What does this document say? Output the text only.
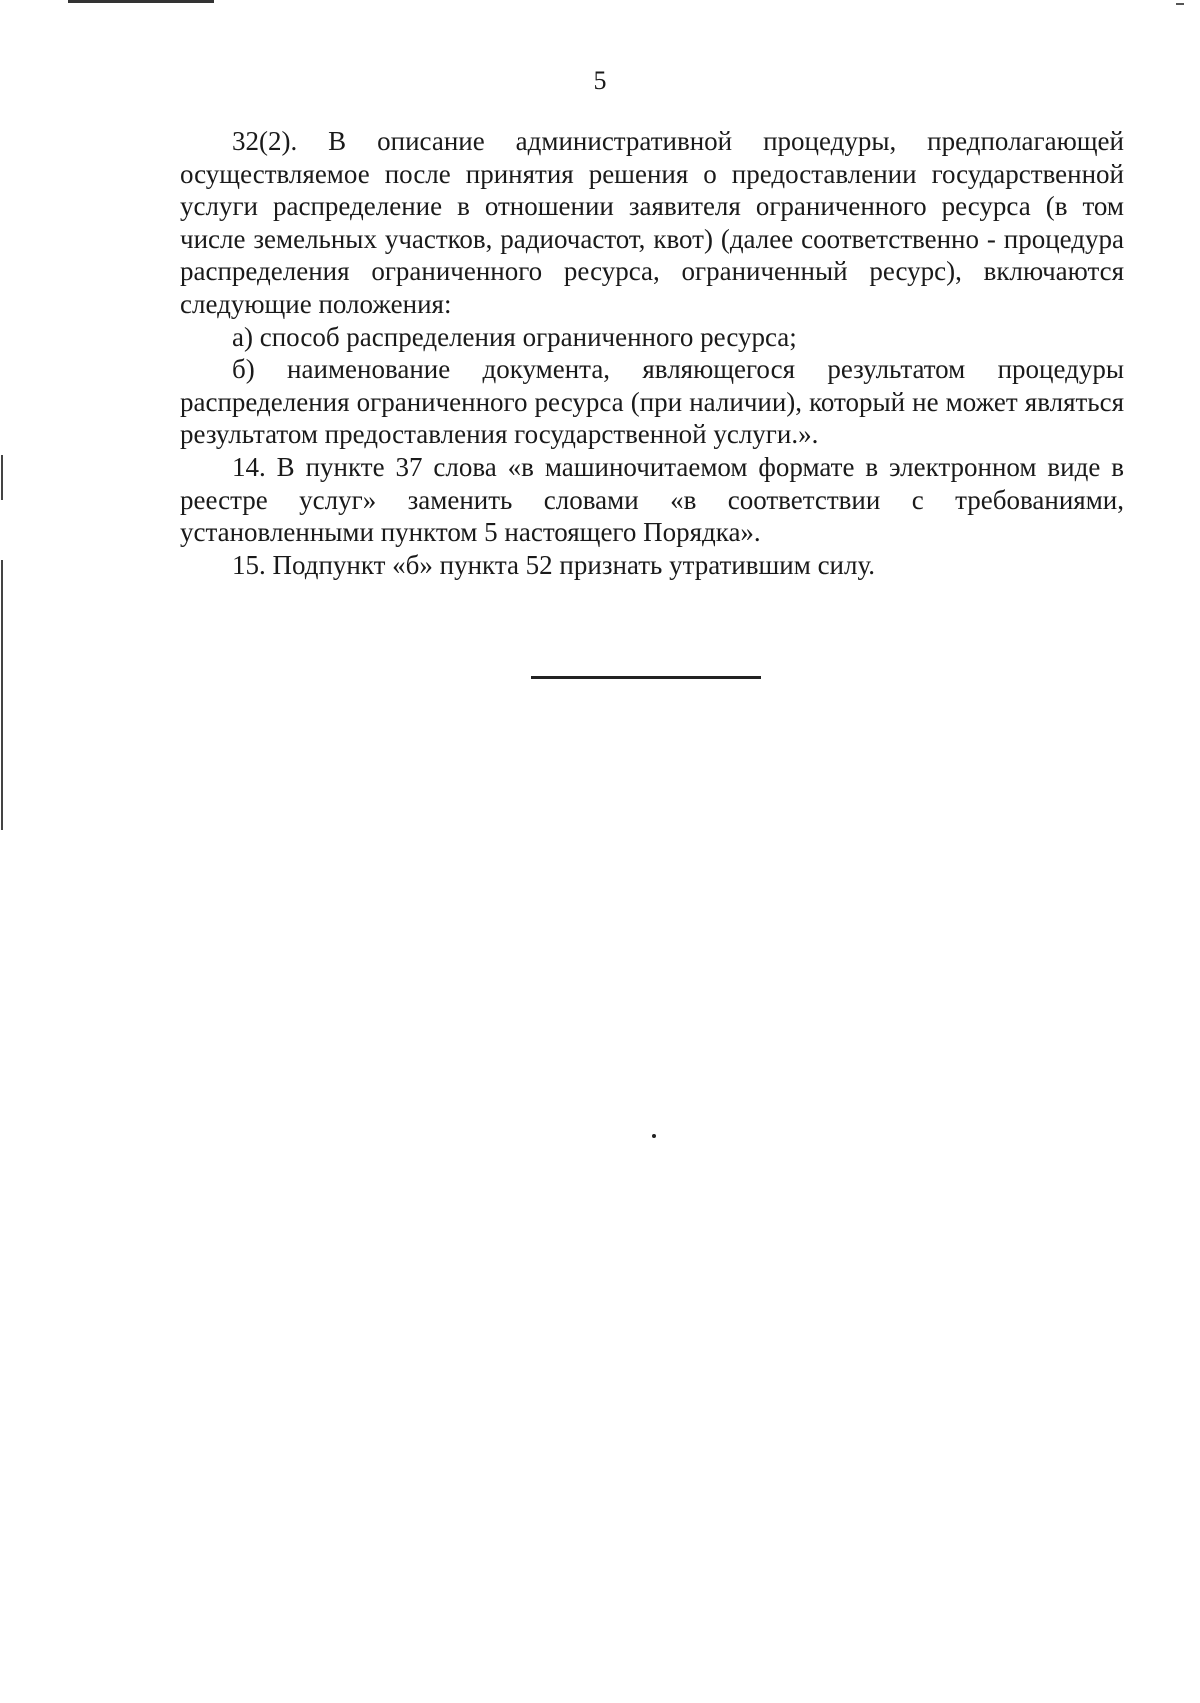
5

32(2). В описание административной процедуры, предполагающей осуществляемое после принятия решения о предоставлении государственной услуги распределение в отношении заявителя ограниченного ресурса (в том числе земельных участков, радиочастот, квот) (далее соответственно - процедура распределения ограниченного ресурса, ограниченный ресурс), включаются следующие положения:

а) способ распределения ограниченного ресурса;

б) наименование документа, являющегося результатом процедуры распределения ограниченного ресурса (при наличии), который не может являться результатом предоставления государственной услуги.».

14. В пункте 37 слова «в машиночитаемом формате в электронном виде в реестре услуг» заменить словами «в соответствии с требованиями, установленными пунктом 5 настоящего Порядка».

15. Подпункт «б» пункта 52 признать утратившим силу.
